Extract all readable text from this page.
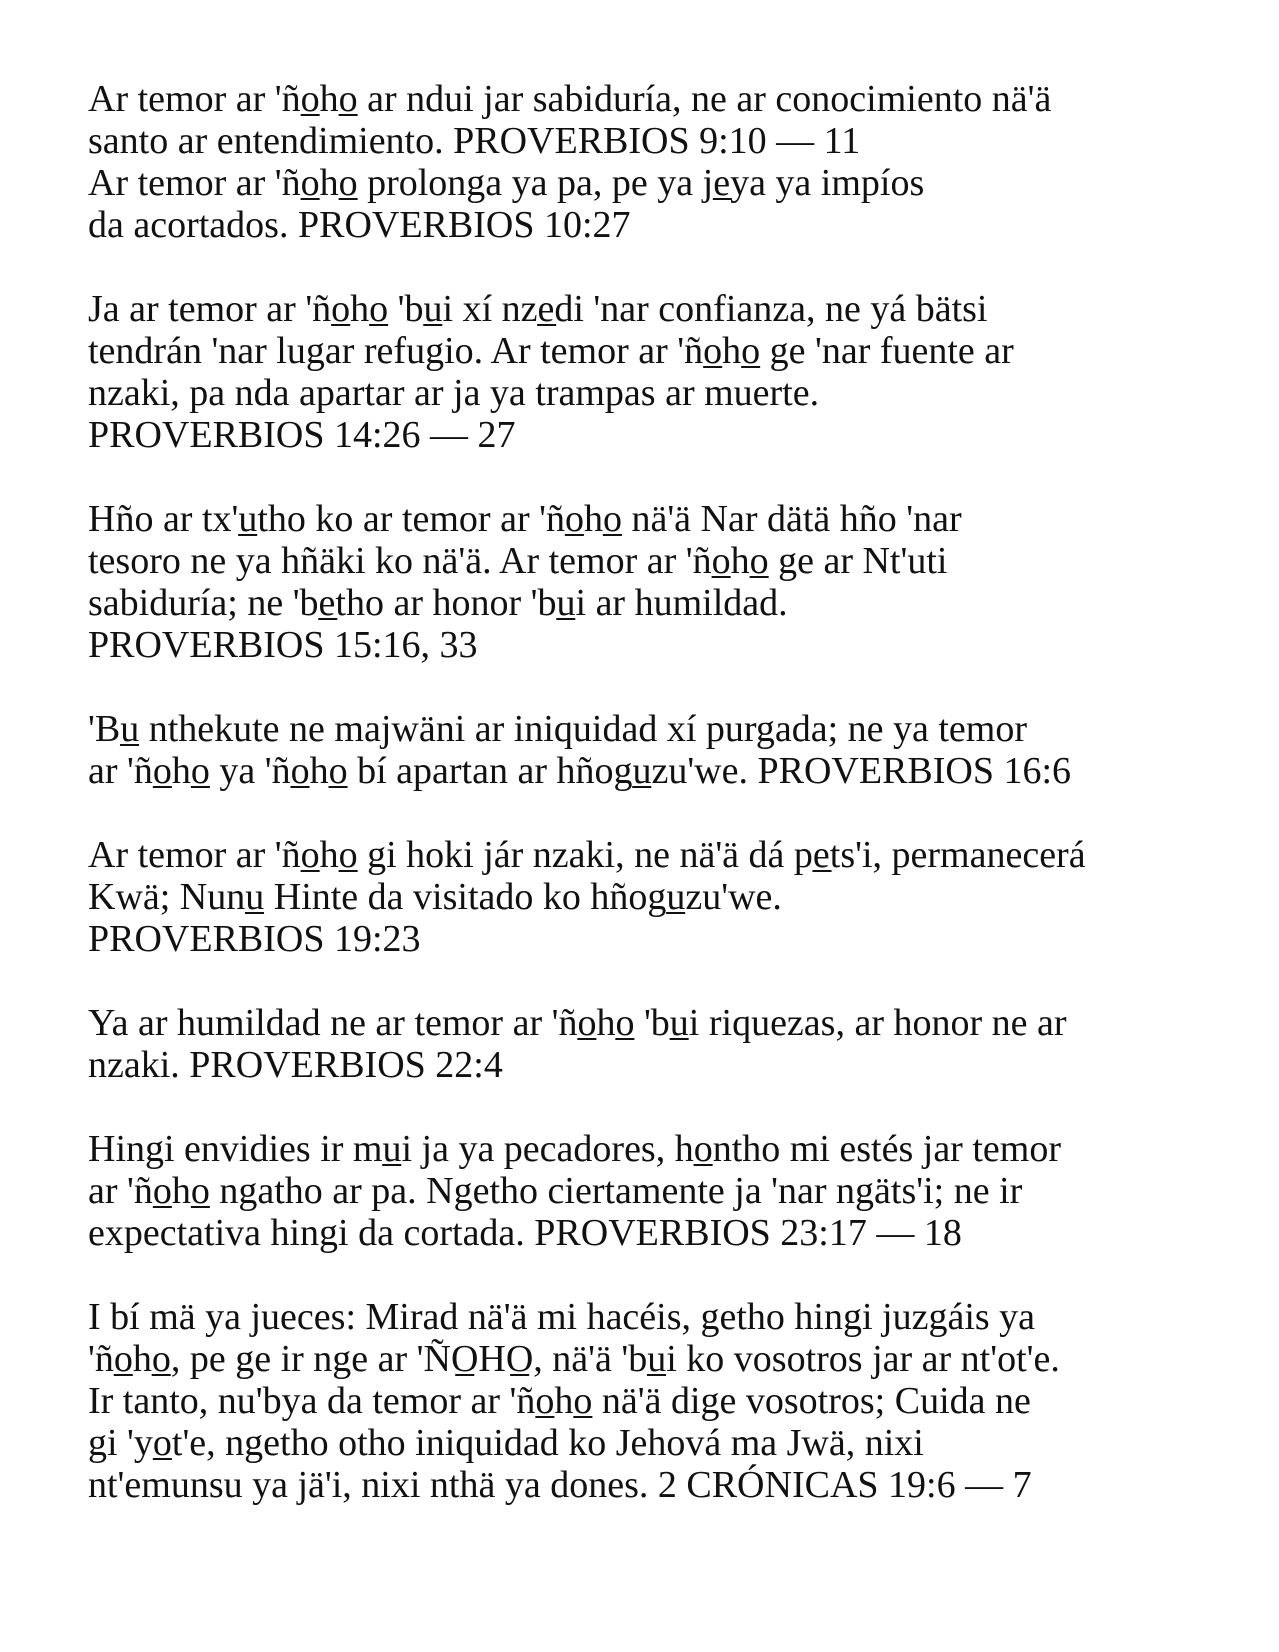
Ar temor ar 'ño̲ho̲ ar ndui jar sabiduría, ne ar conocimiento nä'ä
santo ar entendimiento. PROVERBIOS 9:10 — 11
Ar temor ar 'ño̲ho̲ prolonga ya pa, pe ya je̲ya ya impíos
da acortados. PROVERBIOS 10:27

Ja ar temor ar 'ño̲ho̲ 'bu̲i xí nze̲di 'nar confianza, ne yá bätsi
tendrán 'nar lugar refugio. Ar temor ar 'ño̲ho̲ ge 'nar fuente ar
nzaki, pa nda apartar ar ja ya trampas ar muerte.
PROVERBIOS 14:26 — 27

Hño ar tx'u̲tho ko ar temor ar 'ño̲ho̲ nä'ä Nar dätä hño 'nar
tesoro ne ya hñäki ko nä'ä. Ar temor ar 'ño̲ho̲ ge ar Nt'uti
sabiduría; ne 'be̲tho ar honor 'bu̲i ar humildad.
PROVERBIOS 15:16, 33

'Bu̲ nthekute ne majwäni ar iniquidad xí purgada; ne ya temor
ar 'ño̲ho̲ ya 'ño̲ho̲ bí apartan ar hñogu̲zu'we. PROVERBIOS 16:6

Ar temor ar 'ño̲ho̲ gi hoki jár nzaki, ne nä'ä dá pe̲ts'i, permanecerá
Kwä; Nunu̲ Hinte da visitado ko hñogu̲zu'we.
PROVERBIOS 19:23

Ya ar humildad ne ar temor ar 'ño̲ho̲ 'bu̲i riquezas, ar honor ne ar
nzaki. PROVERBIOS 22:4

Hingi envidies ir mu̲i ja ya pecadores, ho̲ntho mi estés jar temor
ar 'ño̲ho̲ ngatho ar pa. Ngetho ciertamente ja 'nar ngäts'i; ne ir
expectativa hingi da cortada. PROVERBIOS 23:17 — 18

I bí mä ya jueces: Mirad nä'ä mi hacéis, getho hingi juzgáis ya
'ño̲ho̲, pe ge ir nge ar 'ÑO̲HO̲, nä'ä 'bu̲i ko vosotros jar ar nt'ot'e.
Ir tanto, nu'bya da temor ar 'ño̲ho̲ nä'ä dige vosotros; Cuida ne
gi 'yo̲t'e, ngetho otho iniquidad ko Jehová ma Jwä, nixi
nt'emunsu ya jä'i, nixi nthä ya dones. 2 CRÓNICAS 19:6 — 7
